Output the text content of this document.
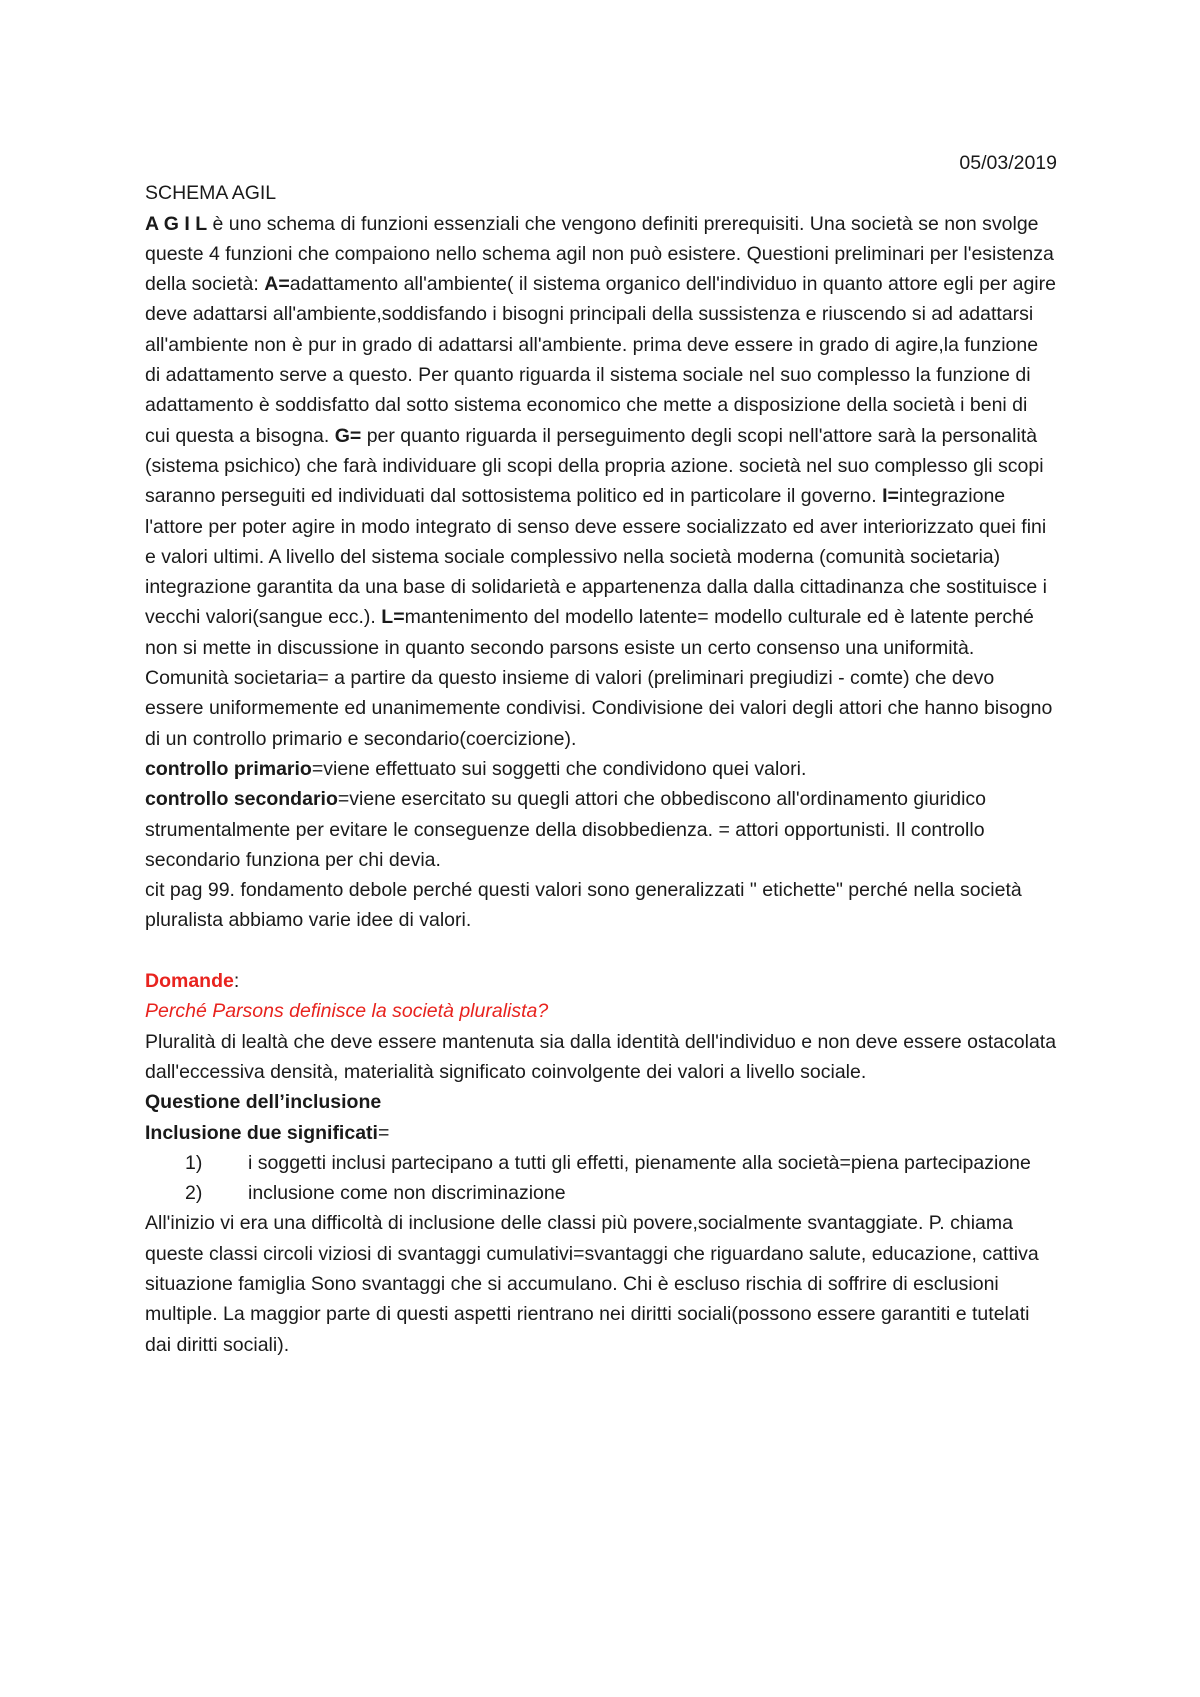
05/03/2019

SCHEMA AGIL

A G I L è uno schema di funzioni essenziali che vengono definiti prerequisiti. Una società se non svolge queste 4 funzioni che compaiono nello schema agil non può esistere. Questioni preliminari per l'esistenza della società: A=adattamento all'ambiente( il sistema organico dell'individuo in quanto attore egli per agire deve adattarsi all'ambiente,soddisfando i bisogni principali della sussistenza e riuscendo si ad adattarsi all'ambiente non è pur in grado di adattarsi all'ambiente. prima deve essere in grado di agire,la funzione di adattamento serve a questo. Per quanto riguarda il sistema sociale nel suo complesso la funzione di adattamento è soddisfatto dal sotto sistema economico che mette a disposizione della società i beni di cui questa a bisogna. G= per quanto riguarda il perseguimento degli scopi nell'attore sarà la personalità (sistema psichico) che farà individuare gli scopi della propria azione. società nel suo complesso gli scopi saranno perseguiti ed individuati dal sottosistema politico ed in particolare il governo. I=integrazione l'attore per poter agire in modo integrato di senso deve essere socializzato ed aver interiorizzato quei fini e valori ultimi. A livello del sistema sociale complessivo nella società moderna (comunità societaria) integrazione garantita da una base di solidarietà e appartenenza dalla dalla cittadinanza che sostituisce i vecchi valori(sangue ecc.). L=mantenimento del modello latente= modello culturale ed è latente perché non si mette in discussione in quanto secondo parsons esiste un certo consenso una uniformità. Comunità societaria= a partire da questo insieme di valori (preliminari pregiudizi - comte) che devo essere uniformemente ed unanimemente condivisi. Condivisione dei valori degli attori che hanno bisogno di un controllo primario e secondario(coercizione).

controllo primario=viene effettuato sui soggetti che condividono quei valori.

controllo secondario=viene esercitato su quegli attori che obbediscono all'ordinamento giuridico strumentalmente per evitare le conseguenze della disobbedienza. = attori opportunisti. Il controllo secondario funziona per chi devia.

cit pag 99. fondamento debole perché questi valori sono generalizzati " etichette" perché nella società pluralista abbiamo varie idee di valori.

Domande:

Perché Parsons definisce la società pluralista?

Pluralità di lealtà che deve essere mantenuta sia dalla identità dell'individuo e non deve essere ostacolata dall'eccessiva densità, materialità significato coinvolgente dei valori a livello sociale.

Questione dell’inclusione

Inclusione due significati=

1) i soggetti inclusi partecipano a tutti gli effetti, pienamente alla società=piena partecipazione
2) inclusione come non discriminazione

All'inizio vi era una difficoltà di inclusione delle classi più povere,socialmente svantaggiate. P. chiama queste classi circoli viziosi di svantaggi cumulativi=svantaggi che riguardano salute, educazione, cattiva situazione famiglia Sono svantaggi che si accumulano. Chi è escluso rischia di soffrire di esclusioni multiple. La maggior parte di questi aspetti rientrano nei diritti sociali(possono essere garantiti e tutelati dai diritti sociali).
